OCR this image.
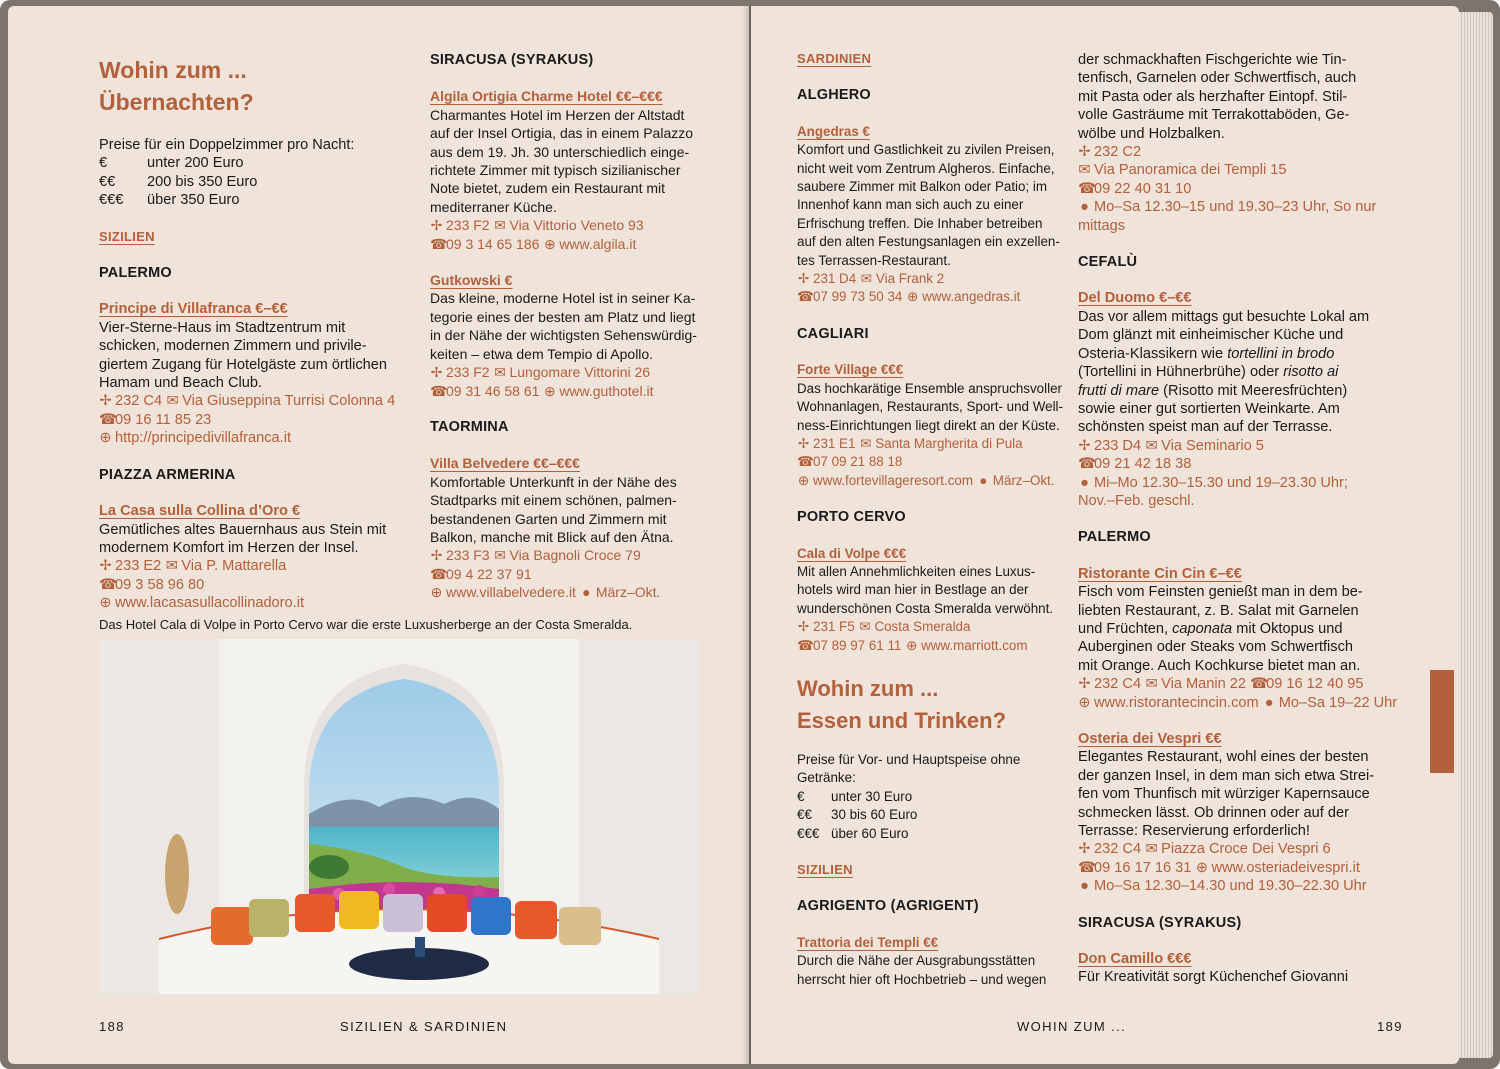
Wohin zum ...
Übernachten?
Preise für ein Doppelzimmer pro Nacht:
€	unter 200 Euro
€€	200 bis 350 Euro
€€€	über 350 Euro
SIZILIEN
PALERMO
Principe di Villafranca €–€€
Vier-Sterne-Haus im Stadtzentrum mit
schicken, modernen Zimmern und privile-
giertem Zugang für Hotelgäste zum örtlichen
Hamam und Beach Club.
✢ 232 C4 ✉ Via Giuseppina Turrisi Colonna 4
☎09 16 11 85 23
⊕ http://principedivillafranca.it
PIAZZA ARMERINA
La Casa sulla Collina d’Oro €
Gemütliches altes Bauernhaus aus Stein mit
modernem Komfort im Herzen der Insel.
✢ 233 E2 ✉ Via P. Mattarella
☎09 3 58 96 80
⊕ www.lacasasullacollinadoro.it
SIRACUSA (SYRAKUS)
Algila Ortigia Charme Hotel €€–€€€
Charmantes Hotel im Herzen der Altstadt
auf der Insel Ortigia, das in einem Palazzo
aus dem 19. Jh. 30 unterschiedlich einge-
richtete Zimmer mit typisch sizilianischer
Note bietet, zudem ein Restaurant mit
mediterraner Küche.
✢ 233 F2 ✉ Via Vittorio Veneto 93
☎09 3 14 65 186 ⊕ www.algila.it
Gutkowski €
Das kleine, moderne Hotel ist in seiner Ka-
tegorie eines der besten am Platz und liegt
in der Nähe der wichtigsten Sehenswürdig-
keiten – etwa dem Tempio di Apollo.
✢ 233 F2 ✉ Lungomare Vittorini 26
☎09 31 46 58 61 ⊕ www.guthotel.it
TAORMINA
Villa Belvedere €€–€€€
Komfortable Unterkunft in der Nähe des
Stadtparks mit einem schönen, palmen-
bestandenen Garten und Zimmern mit
Balkon, manche mit Blick auf den Ätna.
✢ 233 F3 ✉ Via Bagnoli Croce 79
☎09 4 22 37 91
⊕ www.villabelvedere.it ● März–Okt.
Das Hotel Cala di Volpe in Porto Cervo war die erste Luxusherberge an der Costa Smeralda.
188	SIZILIEN & SARDINIEN
SARDINIEN
ALGHERO
Angedras €
Komfort und Gastlichkeit zu zivilen Preisen,
nicht weit vom Zentrum Algheros. Einfache,
saubere Zimmer mit Balkon oder Patio; im
Innenhof kann man sich auch zu einer
Erfrischung treffen. Die Inhaber betreiben
auf den alten Festungsanlagen ein exzellen-
tes Terrassen-Restaurant.
✢ 231 D4 ✉ Via Frank 2
☎07 99 73 50 34 ⊕ www.angedras.it
CAGLIARI
Forte Village €€€
Das hochkarätige Ensemble anspruchsvoller
Wohnanlagen, Restaurants, Sport- und Well-
ness-Einrichtungen liegt direkt an der Küste.
✢ 231 E1 ✉ Santa Margherita di Pula
☎07 09 21 88 18
⊕ www.fortevillageresort.com ● März–Okt.
PORTO CERVO
Cala di Volpe €€€
Mit allen Annehmlichkeiten eines Luxus-
hotels wird man hier in Bestlage an der
wunderschönen Costa Smeralda verwöhnt.
✢ 231 F5 ✉ Costa Smeralda
☎07 89 97 61 11 ⊕ www.marriott.com
Wohin zum ...
Essen und Trinken?
Preise für Vor- und Hauptspeise ohne
Getränke:
€	unter 30 Euro
€€	30 bis 60 Euro
€€€ über 60 Euro
SIZILIEN
AGRIGENTO (AGRIGENT)
Trattoria dei Templi €€
Durch die Nähe der Ausgrabungsstätten
herrscht hier oft Hochbetrieb – und wegen
der schmackhaften Fischgerichte wie Tin-
tenfisch, Garnelen oder Schwertfisch, auch
mit Pasta oder als herzhafter Eintopf. Stil-
volle Gasträume mit Terrakottaböden, Ge-
wölbe und Holzbalken.
✢ 232 C2
✉ Via Panoramica dei Templi 15
☎09 22 40 31 10
● Mo–Sa 12.30–15 und 19.30–23 Uhr, So nur
mittags
CEFALÙ
Del Duomo €–€€
Das vor allem mittags gut besuchte Lokal am
Dom glänzt mit einheimischer Küche und
Osteria-Klassikern wie tortellini in brodo
(Tortellini in Hühnerbrühe) oder risotto ai
frutti di mare (Risotto mit Meeresfrüchten)
sowie einer gut sortierten Weinkarte. Am
schönsten speist man auf der Terrasse.
✢ 233 D4 ✉ Via Seminario 5
☎09 21 42 18 38
● Mi–Mo 12.30–15.30 und 19–23.30 Uhr;
Nov.–Feb. geschl.
PALERMO
Ristorante Cin Cin €–€€
Fisch vom Feinsten genießt man in dem be-
liebten Restaurant, z. B. Salat mit Garnelen
und Früchten, caponata mit Oktopus und
Auberginen oder Steaks vom Schwertfisch
mit Orange. Auch Kochkurse bietet man an.
✢ 232 C4 ✉ Via Manin 22 ☎09 16 12 40 95
⊕ www.ristorantecincin.com ● Mo–Sa 19–22 Uhr
Osteria dei Vespri €€
Elegantes Restaurant, wohl eines der besten
der ganzen Insel, in dem man sich etwa Strei-
fen vom Thunfisch mit würziger Kapernsauce
schmecken lässt. Ob drinnen oder auf der
Terrasse: Reservierung erforderlich!
✢ 232 C4 ✉ Piazza Croce Dei Vespri 6
☎09 16 17 16 31 ⊕ www.osteriadeivespri.it
● Mo–Sa 12.30–14.30 und 19.30–22.30 Uhr
SIRACUSA (SYRAKUS)
Don Camillo €€€
Für Kreativität sorgt Küchenchef Giovanni
WOHIN ZUM ...	189
